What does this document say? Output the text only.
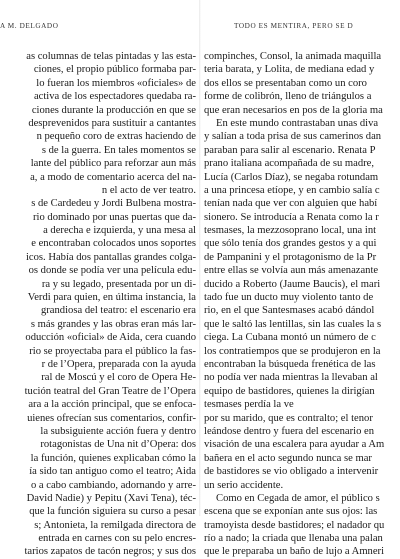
A M. DELGADO
as columnas de telas pintadas y las esta-
ciones, el propio público formaba par-
lo fueran los miembros «oficiales» de
activa de los espectadores quedaba ra-
ciones durante la producción en que se
desprevenidos para sustituir a cantantes
n pequeño coro de extras haciendo de
s de la guerra. En tales momentos se
lante del público para reforzar aun más
a, a modo de comentario acerca del na-
n el acto de ver teatro.
s de Cardedeu y Jordi Bulbena mostra-
rio dominado por unas puertas que da-
a derecha e izquierda, y una mesa al
e encontraban colocados unos soportes
icos. Había dos pantallas grandes colga-
os donde se podía ver una película edu-
ra y su legado, presentada por un di-
Verdi para quien, en última instancia, la
grandiosa del teatro: el escenario era
s más grandes y las obras eran más lar-
oducción «oficial» de Aida, cera cuando
rio se proyectaba para el público la fas-
r de l’Opera, preparada con la ayuda
ral de Moscú y el coro de Opera He-
tución teatral del Gran Teatre de l’Opera
ara a la acción principal, que se enfoca-
uienes ofrecían sus comentarios, confir-
la subsiguiente acción fuera y dentro
rotagonistas de Una nit d’Opera: dos
la función, quienes explicaban cómo la
ía sido tan antiguo como el teatro; Aida
o a cabo cambiando, adornando y arre-
David Nadie) y Pepitu (Xavi Tena), téc-
que la función siguiera su curso a pesar
s; Antonieta, la remilgada directora de
entrada en carnes con su pelo encres-
tarios zapatos de tacón negros; y sus dos
TODO ES MENTIRA, PERO SE D
compinches, Consol, la animada maquilla
teria barata, y Lolita, de mediana edad y
dos ellos se presentaban como un coro
forme de colibrón, lleno de triángulos a
que eran necesarios en pos de la gloria ma
En este mundo contrastaban unas diva
y salían a toda prisa de sus camerinos dan
paraban para salir al escenario. Renata P
prano italiana acompañada de su madre,
Lucía (Carlos Díaz), se negaba rotundam
a una princesa etíope, y en cambio salía c
tenían nada que ver con alguien que habí
sionero. Se introducía a Renata como la r
tesmases, la mezzosoprano local, una int
que sólo tenía dos grandes gestos y a qui
de Pampanini y el protagonismo de la Pr
entre ellas se volvía aun más amenazante
ducido a Roberto (Jaume Baucis), el mari
tado fue un ducto muy violento tanto de
rio, en el que Santesmases acabó dándol
que le saltó las lentillas, sin las cuales la s
ciega. La Cubana montó un número de c
los contratiempos que se produjeron en la
encontraban la búsqueda frenética de las
no podía ver nada mientras la llevaban al
equipo de bastidores, quienes la dirigían
tesmases perdía la ve
por su marido, que es contralto; el tenor
leándose dentro y fuera del escenario en
visación de una escalera para ayudar a Am
bañera en el acto segundo nunca se mar
de bastidores se vio obligado a intervenir
un serio accidente.
Como en Cegada de amor, el público s
escena que se exponían ante sus ojos: las
tramoyista desde bastidores; el nadador qu
río a nado; la criada que llenaba una palan
que le preparaba un baño de lujo a Amneri
